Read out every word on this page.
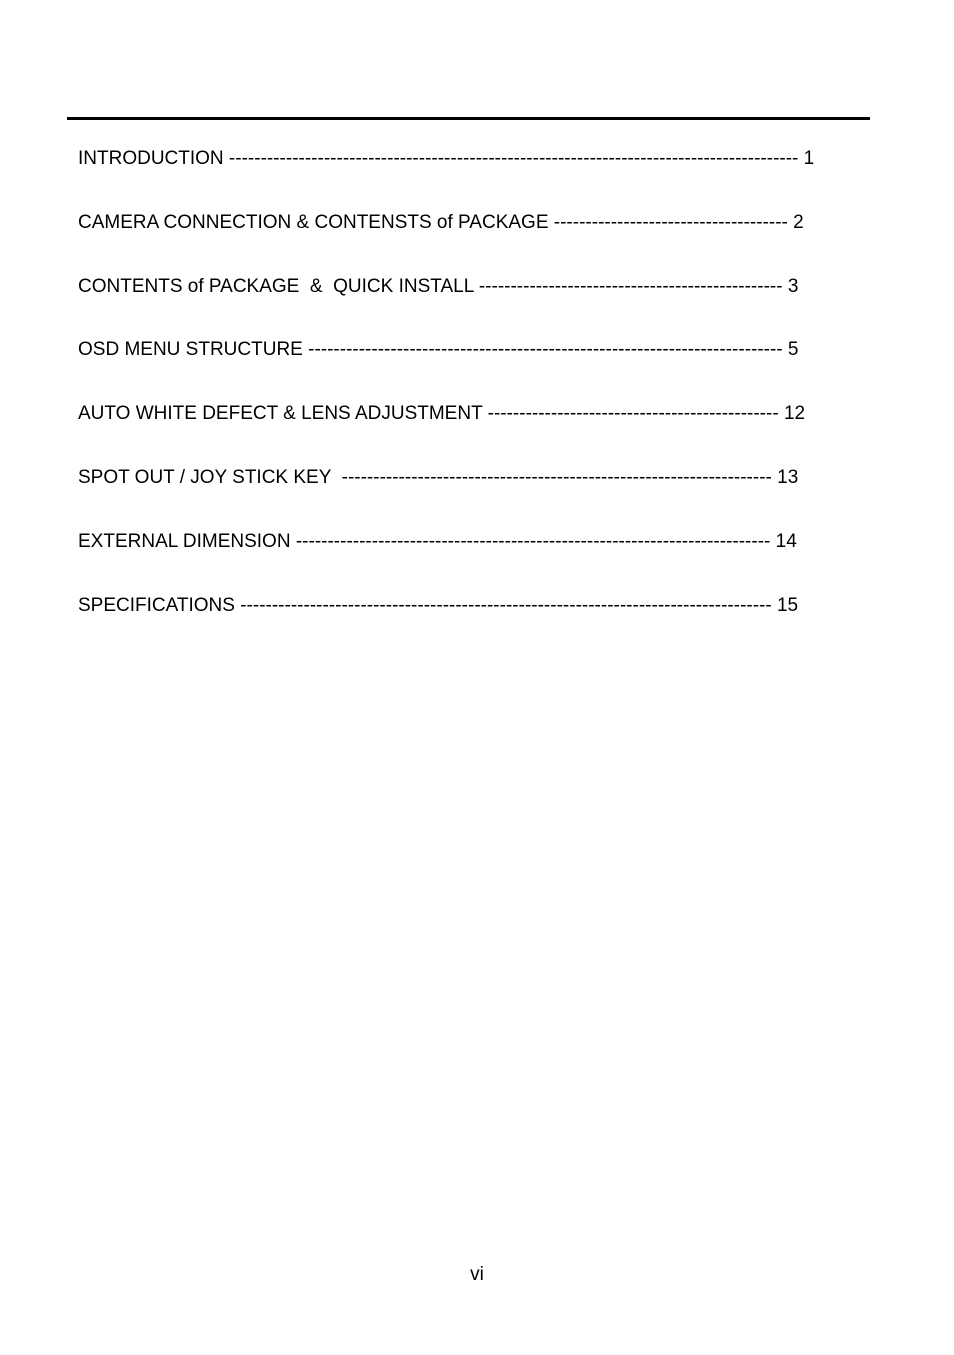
INTRODUCTION ------------------------------------------------------------------------------------------ 1
CAMERA CONNECTION & CONTENSTS of PACKAGE ------------------------------------- 2
CONTENTS of PACKAGE  &  QUICK INSTALL ------------------------------------------------ 3
OSD MENU STRUCTURE --------------------------------------------------------------------------- 5
AUTO WHITE DEFECT & LENS ADJUSTMENT ---------------------------------------------- 12
SPOT OUT / JOY STICK KEY  -------------------------------------------------------------------- 13
EXTERNAL DIMENSION --------------------------------------------------------------------------- 14
SPECIFICATIONS ------------------------------------------------------------------------------------ 15
vi
